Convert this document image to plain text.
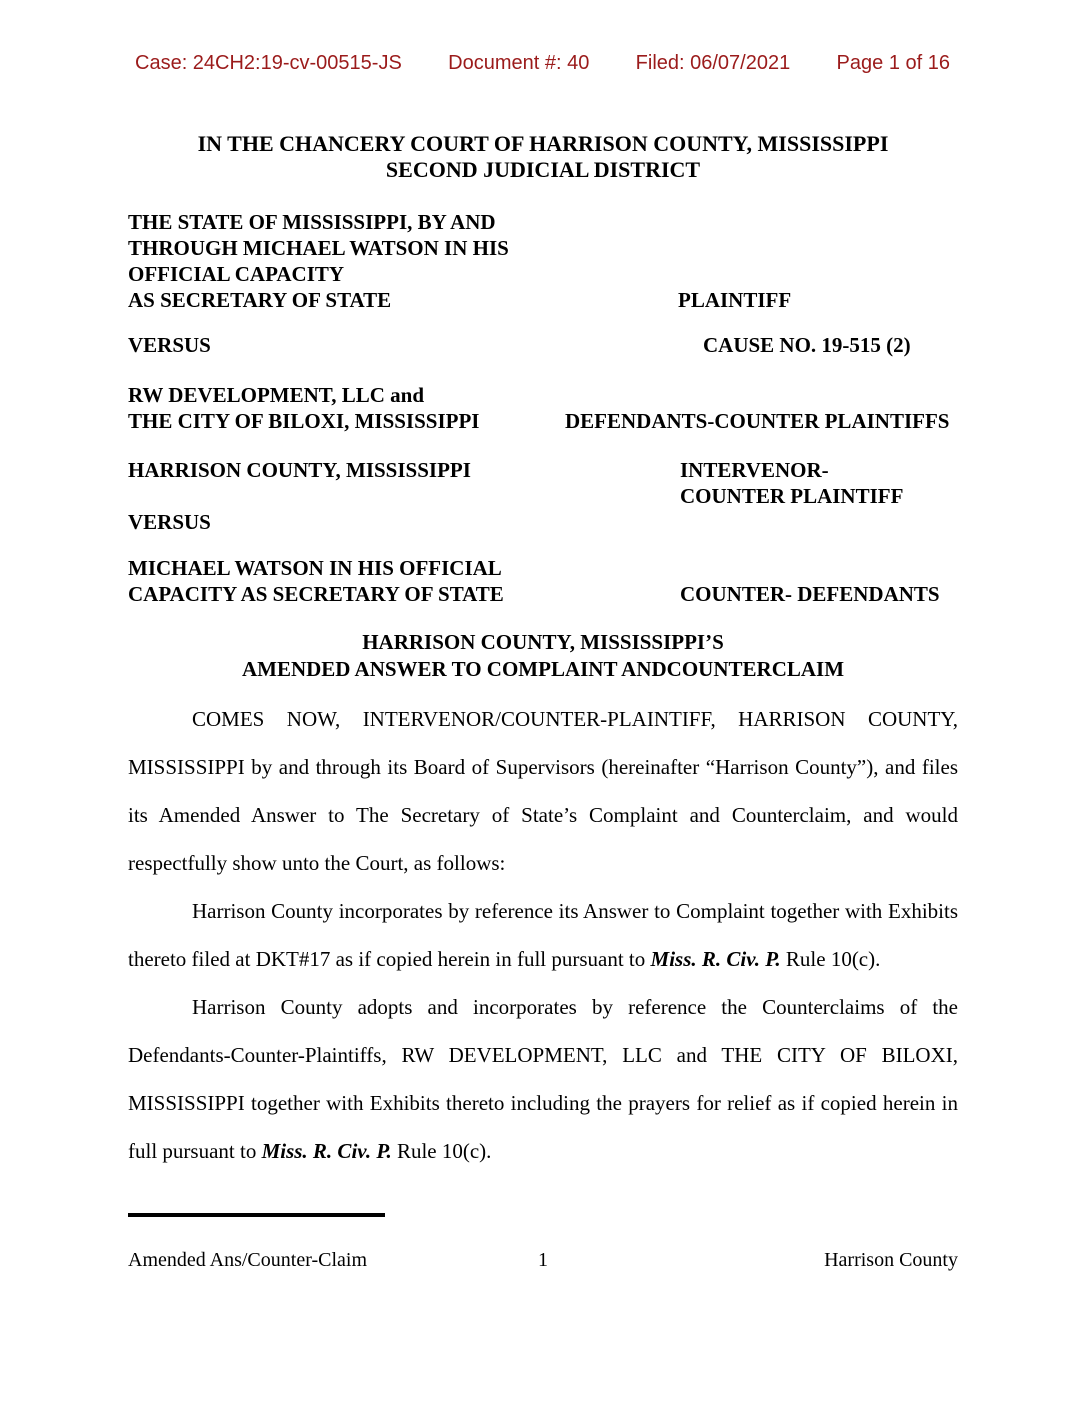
Case: 24CH2:19-cv-00515-JS Document #: 40 Filed: 06/07/2021 Page 1 of 16
IN THE CHANCERY COURT OF HARRISON COUNTY, MISSISSIPPI
SECOND JUDICIAL DISTRICT
THE STATE OF MISSISSIPPI, BY AND
THROUGH MICHAEL WATSON IN HIS
OFFICIAL CAPACITY
AS SECRETARY OF STATE	PLAINTIFF
VERSUS	CAUSE NO. 19-515 (2)
RW DEVELOPMENT, LLC and
THE CITY OF BILOXI, MISSISSIPPI	DEFENDANTS-COUNTER PLAINTIFFS
HARRISON COUNTY, MISSISSIPPI	INTERVENOR-
COUNTER PLAINTIFF
VERSUS
MICHAEL WATSON IN HIS OFFICIAL
CAPACITY AS SECRETARY OF STATE	COUNTER- DEFENDANTS
HARRISON COUNTY, MISSISSIPPI’S
AMENDED ANSWER TO COMPLAINT ANDCOUNTERCLAIM

COMES NOW, INTERVENOR/COUNTER-PLAINTIFF, HARRISON COUNTY, MISSISSIPPI by and through its Board of Supervisors (hereinafter “Harrison County”), and files its Amended Answer to The Secretary of State’s Complaint and Counterclaim, and would respectfully show unto the Court, as follows:

Harrison County incorporates by reference its Answer to Complaint together with Exhibits thereto filed at DKT#17 as if copied herein in full pursuant to Miss. R. Civ. P. Rule 10(c).

Harrison County adopts and incorporates by reference the Counterclaims of the Defendants-Counter-Plaintiffs, RW DEVELOPMENT, LLC and THE CITY OF BILOXI, MISSISSIPPI together with Exhibits thereto including the prayers for relief as if copied herein in full pursuant to Miss. R. Civ. P. Rule 10(c).

Amended Ans/Counter-Claim	1	Harrison County
